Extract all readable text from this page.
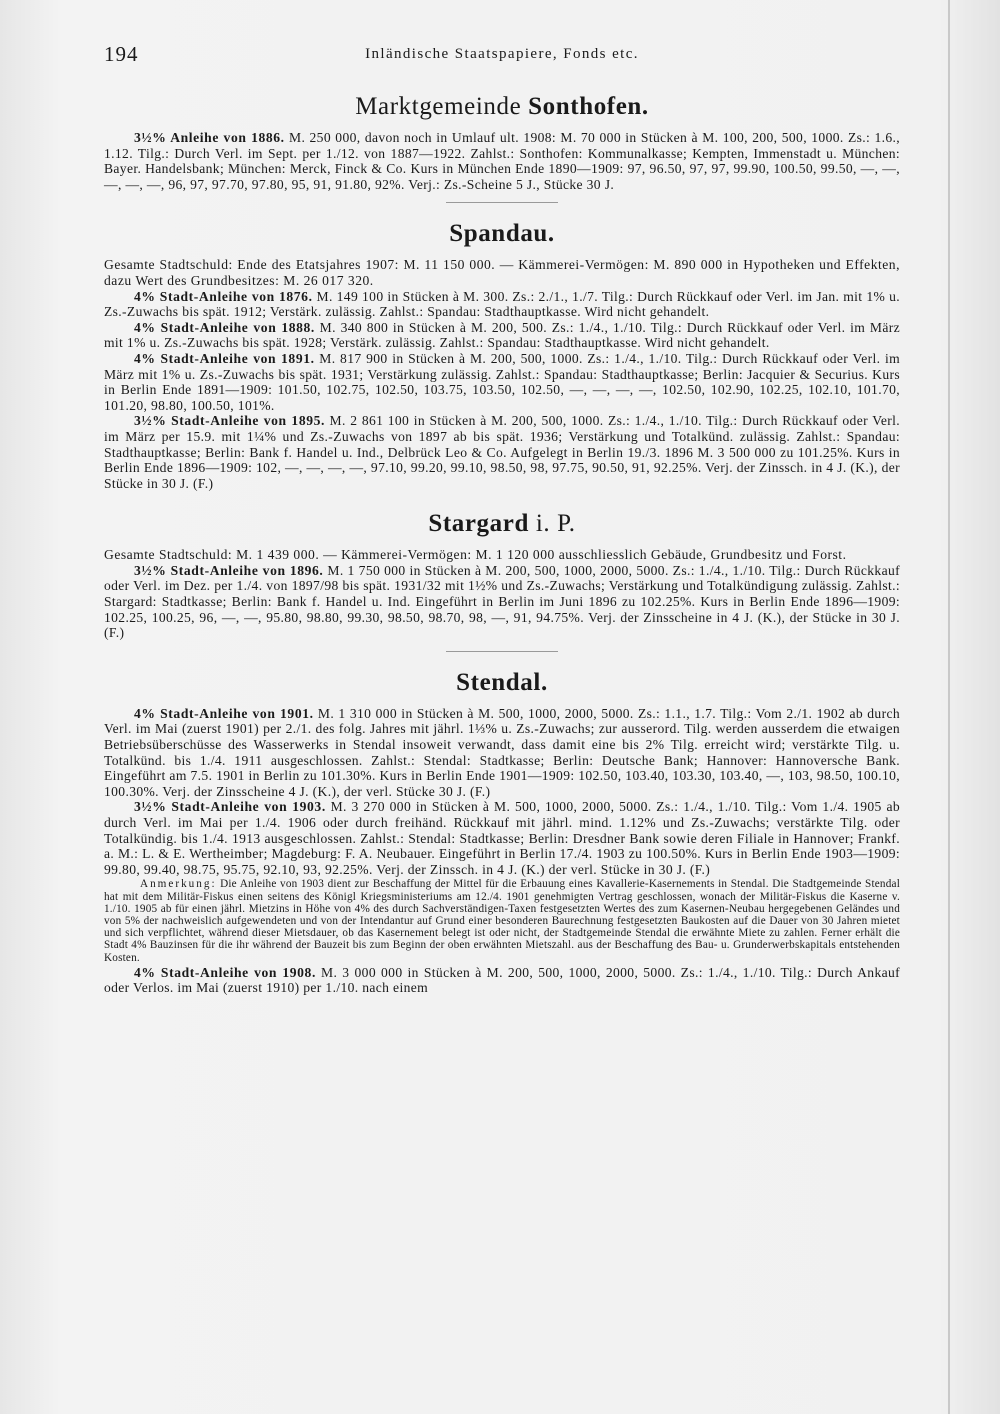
194	Inländische Staatspapiere, Fonds etc.
Marktgemeinde Sonthofen.

3½% Anleihe von 1886. M. 250 000, davon noch in Umlauf ult. 1908: M. 70 000 in Stücken à M. 100, 200, 500, 1000. Zs.: 1.6., 1.12. Tilg.: Durch Verl. im Sept. per 1./12. von 1887—1922. Zahlst.: Sonthofen: Kommunalkasse; Kempten, Immenstadt u. München: Bayer. Handelsbank; München: Merck, Finck & Co. Kurs in München Ende 1890—1909: 97, 96.50, 97, 97, 99.90, 100.50, 99.50, —, —, —, —, —, 96, 97, 97.70, 97.80, 95, 91, 91.80, 92%. Verj.: Zs.-Scheine 5 J., Stücke 30 J.

Spandau.

Gesamte Stadtschuld: Ende des Etatsjahres 1907: M. 11 150 000. — Kämmerei-Vermögen: M. 890 000 in Hypotheken und Effekten, dazu Wert des Grundbesitzes: M. 26 017 320.

4% Stadt-Anleihe von 1876. M. 149 100 in Stücken à M. 300. Zs.: 2./1., 1./7. Tilg.: Durch Rückkauf oder Verl. im Jan. mit 1% u. Zs.-Zuwachs bis spät. 1912; Verstärk. zulässig. Zahlst.: Spandau: Stadthauptkasse. Wird nicht gehandelt.

4% Stadt-Anleihe von 1888. M. 340 800 in Stücken à M. 200, 500. Zs.: 1./4., 1./10. Tilg.: Durch Rückkauf oder Verl. im März mit 1% u. Zs.-Zuwachs bis spät. 1928; Verstärk. zulässig. Zahlst.: Spandau: Stadthauptkasse. Wird nicht gehandelt.

4% Stadt-Anleihe von 1891. M. 817 900 in Stücken à M. 200, 500, 1000. Zs.: 1./4., 1./10. Tilg.: Durch Rückkauf oder Verl. im März mit 1% u. Zs.-Zuwachs bis spät. 1931; Verstärkung zulässig. Zahlst.: Spandau: Stadthauptkasse; Berlin: Jacquier & Securius. Kurs in Berlin Ende 1891—1909: 101.50, 102.75, 102.50, 103.75, 103.50, 102.50, —, —, —, —, 102.50, 102.90, 102.25, 102.10, 101.70, 101.20, 98.80, 100.50, 101%.

3½% Stadt-Anleihe von 1895. M. 2 861 100 in Stücken à M. 200, 500, 1000. Zs.: 1./4., 1./10. Tilg.: Durch Rückkauf oder Verl. im März per 15.9. mit 1¼% und Zs.-Zuwachs von 1897 ab bis spät. 1936; Verstärkung und Totalkünd. zulässig. Zahlst.: Spandau: Stadthauptkasse; Berlin: Bank f. Handel u. Ind., Delbrück Leo & Co. Aufgelegt in Berlin 19./3. 1896 M. 3 500 000 zu 101.25%. Kurs in Berlin Ende 1896—1909: 102, —, —, —, —, 97.10, 99.20, 99.10, 98.50, 98, 97.75, 90.50, 91, 92.25%. Verj. der Zinssch. in 4 J. (K.), der Stücke in 30 J. (F.)

Stargard i. P.

Gesamte Stadtschuld: M. 1 439 000. — Kämmerei-Vermögen: M. 1 120 000 ausschliesslich Gebäude, Grundbesitz und Forst.

3½% Stadt-Anleihe von 1896. M. 1 750 000 in Stücken à M. 200, 500, 1000, 2000, 5000. Zs.: 1./4., 1./10. Tilg.: Durch Rückkauf oder Verl. im Dez. per 1./4. von 1897/98 bis spät. 1931/32 mit 1½% und Zs.-Zuwachs; Verstärkung und Totalkündigung zulässig. Zahlst.: Stargard: Stadtkasse; Berlin: Bank f. Handel u. Ind. Eingeführt in Berlin im Juni 1896 zu 102.25%. Kurs in Berlin Ende 1896—1909: 102.25, 100.25, 96, —, —, 95.80, 98.80, 99.30, 98.50, 98.70, 98, —, 91, 94.75%. Verj. der Zinsscheine in 4 J. (K.), der Stücke in 30 J. (F.)

Stendal.

4% Stadt-Anleihe von 1901. M. 1 310 000 in Stücken à M. 500, 1000, 2000, 5000. Zs.: 1.1., 1.7. Tilg.: Vom 2./1. 1902 ab durch Verl. im Mai (zuerst 1901) per 2./1. des folg. Jahres mit jährl. 1⅓% u. Zs.-Zuwachs; zur ausserord. Tilg. werden ausserdem die etwaigen Betriebsüberschüsse des Wasserwerks in Stendal insoweit verwandt, dass damit eine bis 2% Tilg. erreicht wird; verstärkte Tilg. u. Totalkünd. bis 1./4. 1911 ausgeschlossen. Zahlst.: Stendal: Stadtkasse; Berlin: Deutsche Bank; Hannover: Hannoversche Bank. Eingeführt am 7.5. 1901 in Berlin zu 101.30%. Kurs in Berlin Ende 1901—1909: 102.50, 103.40, 103.30, 103.40, —, 103, 98.50, 100.10, 100.30%. Verj. der Zinsscheine 4 J. (K.), der verl. Stücke 30 J. (F.)

3½% Stadt-Anleihe von 1903. M. 3 270 000 in Stücken à M. 500, 1000, 2000, 5000. Zs.: 1./4., 1./10. Tilg.: Vom 1./4. 1905 ab durch Verl. im Mai per 1./4. 1906 oder durch freihänd. Rückkauf mit jährl. mind. 1.12% und Zs.-Zuwachs; verstärkte Tilg. oder Totalkündig. bis 1./4. 1913 ausgeschlossen. Zahlst.: Stendal: Stadtkasse; Berlin: Dresdner Bank sowie deren Filiale in Hannover; Frankf. a. M.: L. & E. Wertheimber; Magdeburg: F. A. Neubauer. Eingeführt in Berlin 17./4. 1903 zu 100.50%. Kurs in Berlin Ende 1903—1909: 99.80, 99.40, 98.75, 95.75, 92.10, 93, 92.25%. Verj. der Zinssch. in 4 J. (K.) der verl. Stücke in 30 J. (F.)

Anmerkung: Die Anleihe von 1903 dient zur Beschaffung der Mittel für die Erbauung eines Kavallerie-Kasernements in Stendal. Die Stadtgemeinde Stendal hat mit dem Militär-Fiskus einen seitens des Königl Kriegsministeriums am 12./4. 1901 genehmigten Vertrag geschlossen, wonach der Militär-Fiskus die Kaserne v. 1./10. 1905 ab für einen jährl. Mietzins in Höhe von 4% des durch Sachverständigen-Taxen festgesetzten Wertes des zum Kasernen-Neubau hergegebenen Geländes und von 5% der nachweislich aufgewendeten und von der Intendantur auf Grund einer besonderen Baurechnung festgesetzten Baukosten auf die Dauer von 30 Jahren mietet und sich verpflichtet, während dieser Mietsdauer, ob das Kasernement belegt ist oder nicht, der Stadtgemeinde Stendal die erwähnte Miete zu zahlen. Ferner erhält die Stadt 4% Bauzinsen für die ihr während der Bauzeit bis zum Beginn der oben erwähnten Mietszahl. aus der Beschaffung des Bau- u. Grunderwerbskapitals entstehenden Kosten.

4% Stadt-Anleihe von 1908. M. 3 000 000 in Stücken à M. 200, 500, 1000, 2000, 5000. Zs.: 1./4., 1./10. Tilg.: Durch Ankauf oder Verlos. im Mai (zuerst 1910) per 1./10. nach einem
